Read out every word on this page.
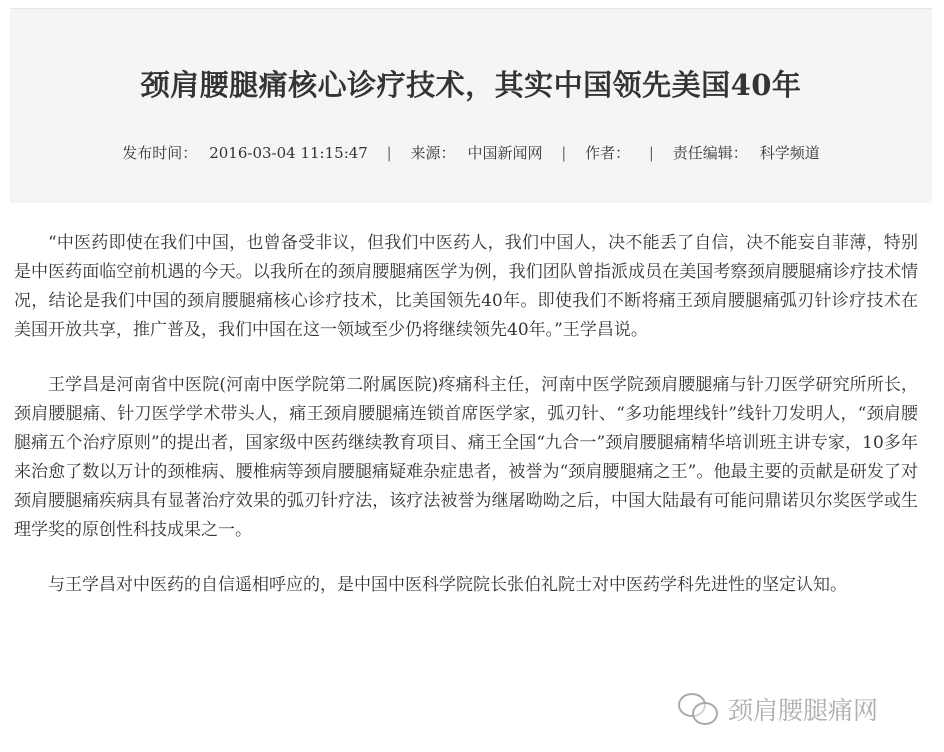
颈肩腰腿痛核心诊疗技术，其实中国领先美国40年
发布时间： 2016-03-04 11:15:47 | 来源： 中国新闻网 | 作者： | 责任编辑： 科学频道

“中医药即使在我们中国，也曾备受非议，但我们中医药人，我们中国人，决不能丢了自信，决不能妄自菲薄，特别是中医药面临空前机遇的今天。以我所在的颈肩腰腿痛医学为例，我们团队曾指派成员在美国考察颈肩腰腿痛诊疗技术情况，结论是我们中国的颈肩腰腿痛核心诊疗技术，比美国领先40年。即使我们不断将痛王颈肩腰腿痛弧刃针诊疗技术在美国开放共享，推广普及，我们中国在这一领域至少仍将继续领先40年。”王学昌说。

王学昌是河南省中医院(河南中医学院第二附属医院)疼痛科主任，河南中医学院颈肩腰腿痛与针刀医学研究所所长，颈肩腰腿痛、针刀医学学术带头人，痛王颈肩腰腿痛连锁首席医学家，弧刃针、“多功能埋线针”线针刀发明人，“颈肩腰腿痛五个治疗原则”的提出者，国家级中医药继续教育项目、痛王全国“九合一”颈肩腰腿痛精华培训班主讲专家，10多年来治愈了数以万计的颈椎病、腰椎病等颈肩腰腿痛疑难杂症患者，被誉为“颈肩腰腿痛之王”。他最主要的贡献是研发了对颈肩腰腿痛疾病具有显著治疗效果的弧刃针疗法，该疗法被誉为继屠呦呦之后，中国大陆最有可能问鼎诺贝尔奖医学或生理学奖的原创性科技成果之一。

与王学昌对中医药的自信遥相呼应的，是中国中医科学院院长张伯礼院士对中医药学科先进性的坚定认知。

颈肩腰腿痛网
